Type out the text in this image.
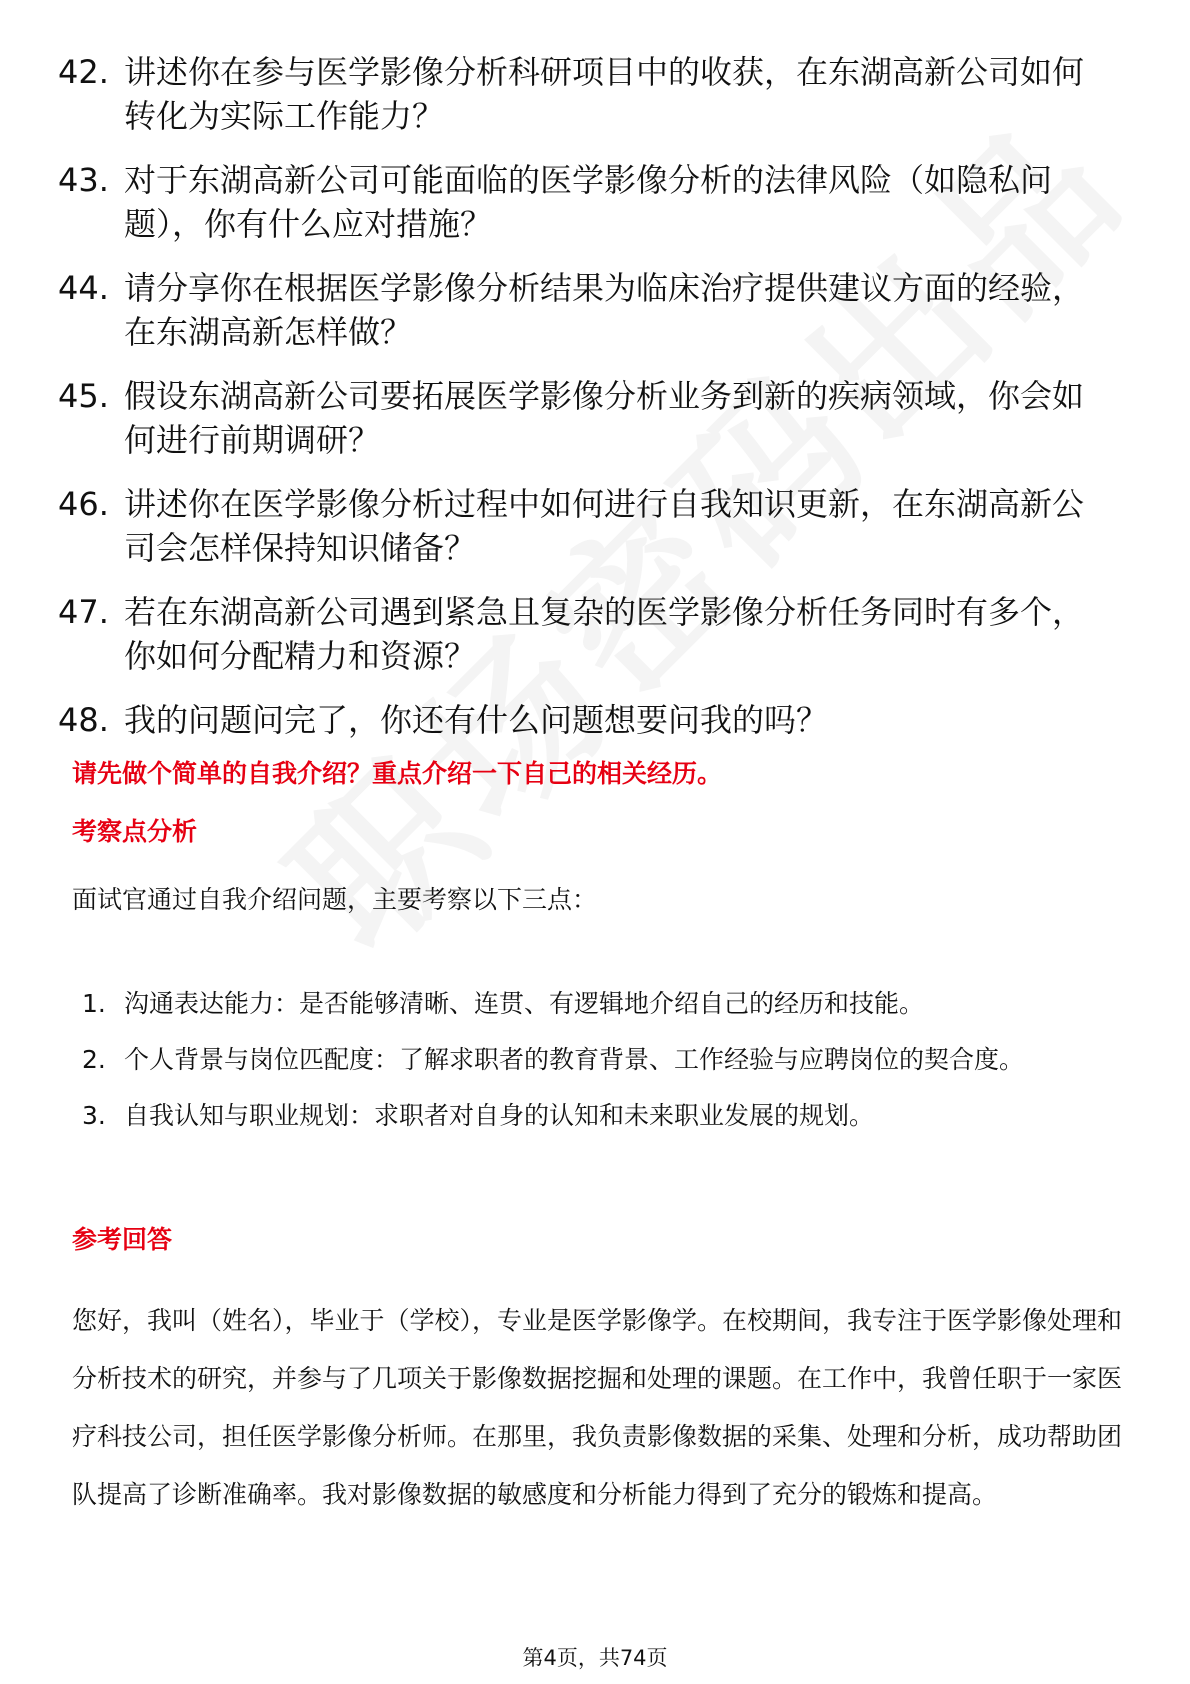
42. 讲述你在参与医学影像分析科研项目中的收获，在东湖高新公司如何转化为实际工作能力？
43. 对于东湖高新公司可能面临的医学影像分析的法律风险（如隐私问题），你有什么应对措施？
44. 请分享你在根据医学影像分析结果为临床治疗提供建议方面的经验，在东湖高新怎样做？
45. 假设东湖高新公司要拓展医学影像分析业务到新的疾病领域，你会如何进行前期调研？
46. 讲述你在医学影像分析过程中如何进行自我知识更新，在东湖高新公司会怎样保持知识储备？
47. 若在东湖高新公司遇到紧急且复杂的医学影像分析任务同时有多个，你如何分配精力和资源？
48. 我的问题问完了，你还有什么问题想要问我的吗？
请先做个简单的自我介绍？重点介绍一下自己的相关经历。
考察点分析
面试官通过自我介绍问题，主要考察以下三点：
1. 沟通表达能力：是否能够清晰、连贯、有逻辑地介绍自己的经历和技能。
2. 个人背景与岗位匹配度：了解求职者的教育背景、工作经验与应聘岗位的契合度。
3. 自我认知与职业规划：求职者对自身的认知和未来职业发展的规划。
参考回答
您好，我叫（姓名），毕业于（学校），专业是医学影像学。在校期间，我专注于医学影像处理和分析技术的研究，并参与了几项关于影像数据挖掘和处理的课题。在工作中，我曾任职于一家医疗科技公司，担任医学影像分析师。在那里，我负责影像数据的采集、处理和分析，成功帮助团队提高了诊断准确率。我对影像数据的敏感度和分析能力得到了充分的锻炼和提高。
第4页，共74页
